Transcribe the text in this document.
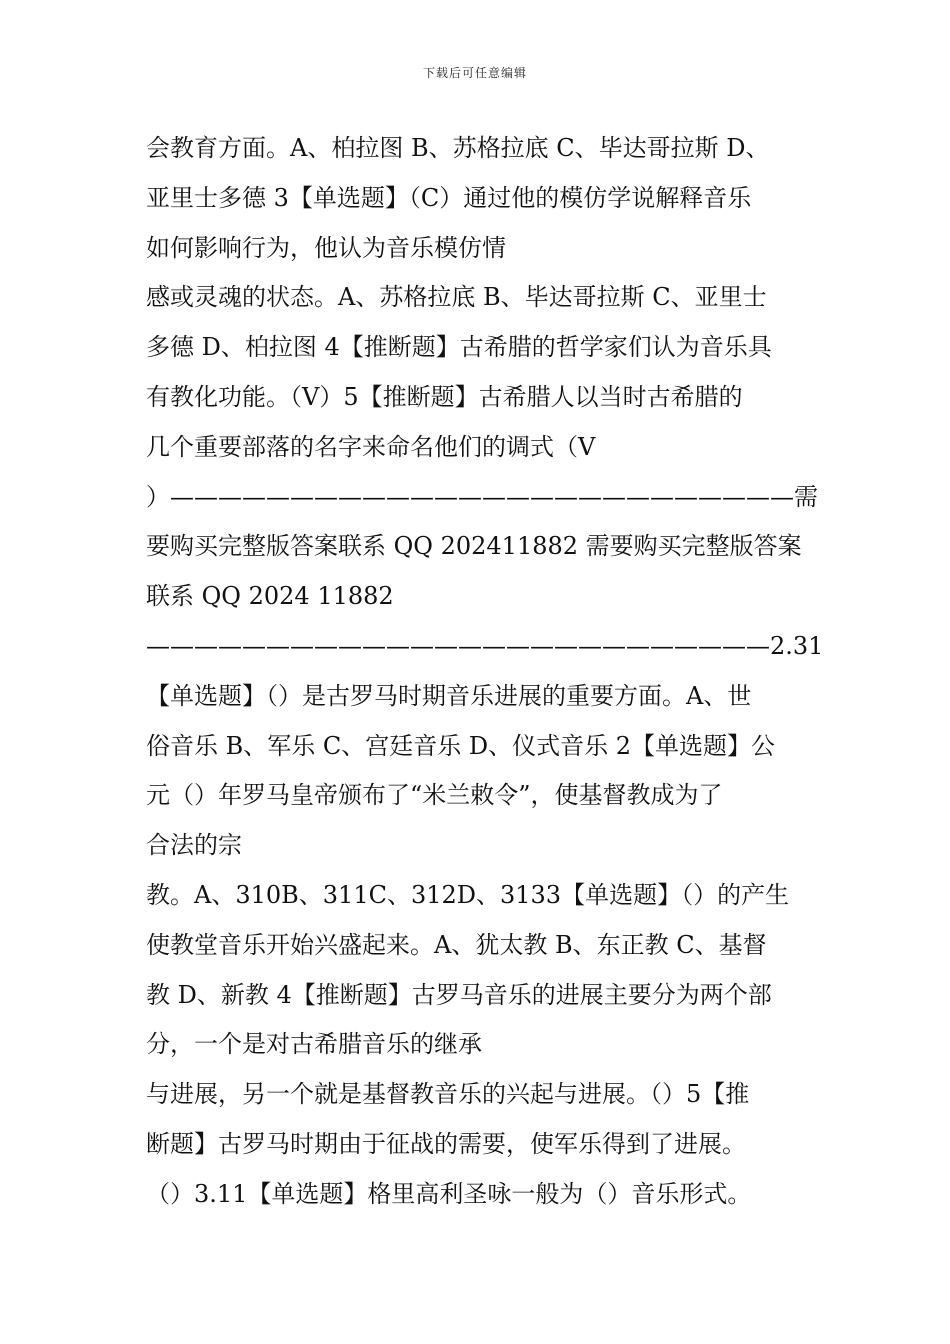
下载后可任意编辑
会教育方面。A、柏拉图 B、苏格拉底 C、毕达哥拉斯 D、
亚里士多德 3【单选题】（C）通过他的模仿学说解释音乐
如何影响行为，他认为音乐模仿情
感或灵魂的状态。A、苏格拉底 B、毕达哥拉斯 C、亚里士
多德 D、柏拉图 4【推断题】古希腊的哲学家们认为音乐具
有教化功能。（V）5【推断题】古希腊人以当时古希腊的
几个重要部落的名字来命名他们的调式（V
）——————————————————————————需
要购买完整版答案联系 QQ 202411882 需要购买完整版答案
联系 QQ 2024 11882
——————————————————————————2.31
【单选题】（）是古罗马时期音乐进展的重要方面。A、世
俗音乐 B、军乐 C、宫廷音乐 D、仪式音乐 2【单选题】公
元（）年罗马皇帝颁布了“米兰敕令”，使基督教成为了
合法的宗
教。A、310B、311C、312D、3133【单选题】（）的产生
使教堂音乐开始兴盛起来。A、犹太教 B、东正教 C、基督
教 D、新教 4【推断题】古罗马音乐的进展主要分为两个部
分，一个是对古希腊音乐的继承
与进展，另一个就是基督教音乐的兴起与进展。（）5【推
断题】古罗马时期由于征战的需要，使军乐得到了进展。
（）3.11【单选题】格里高利圣咏一般为（）音乐形式。
